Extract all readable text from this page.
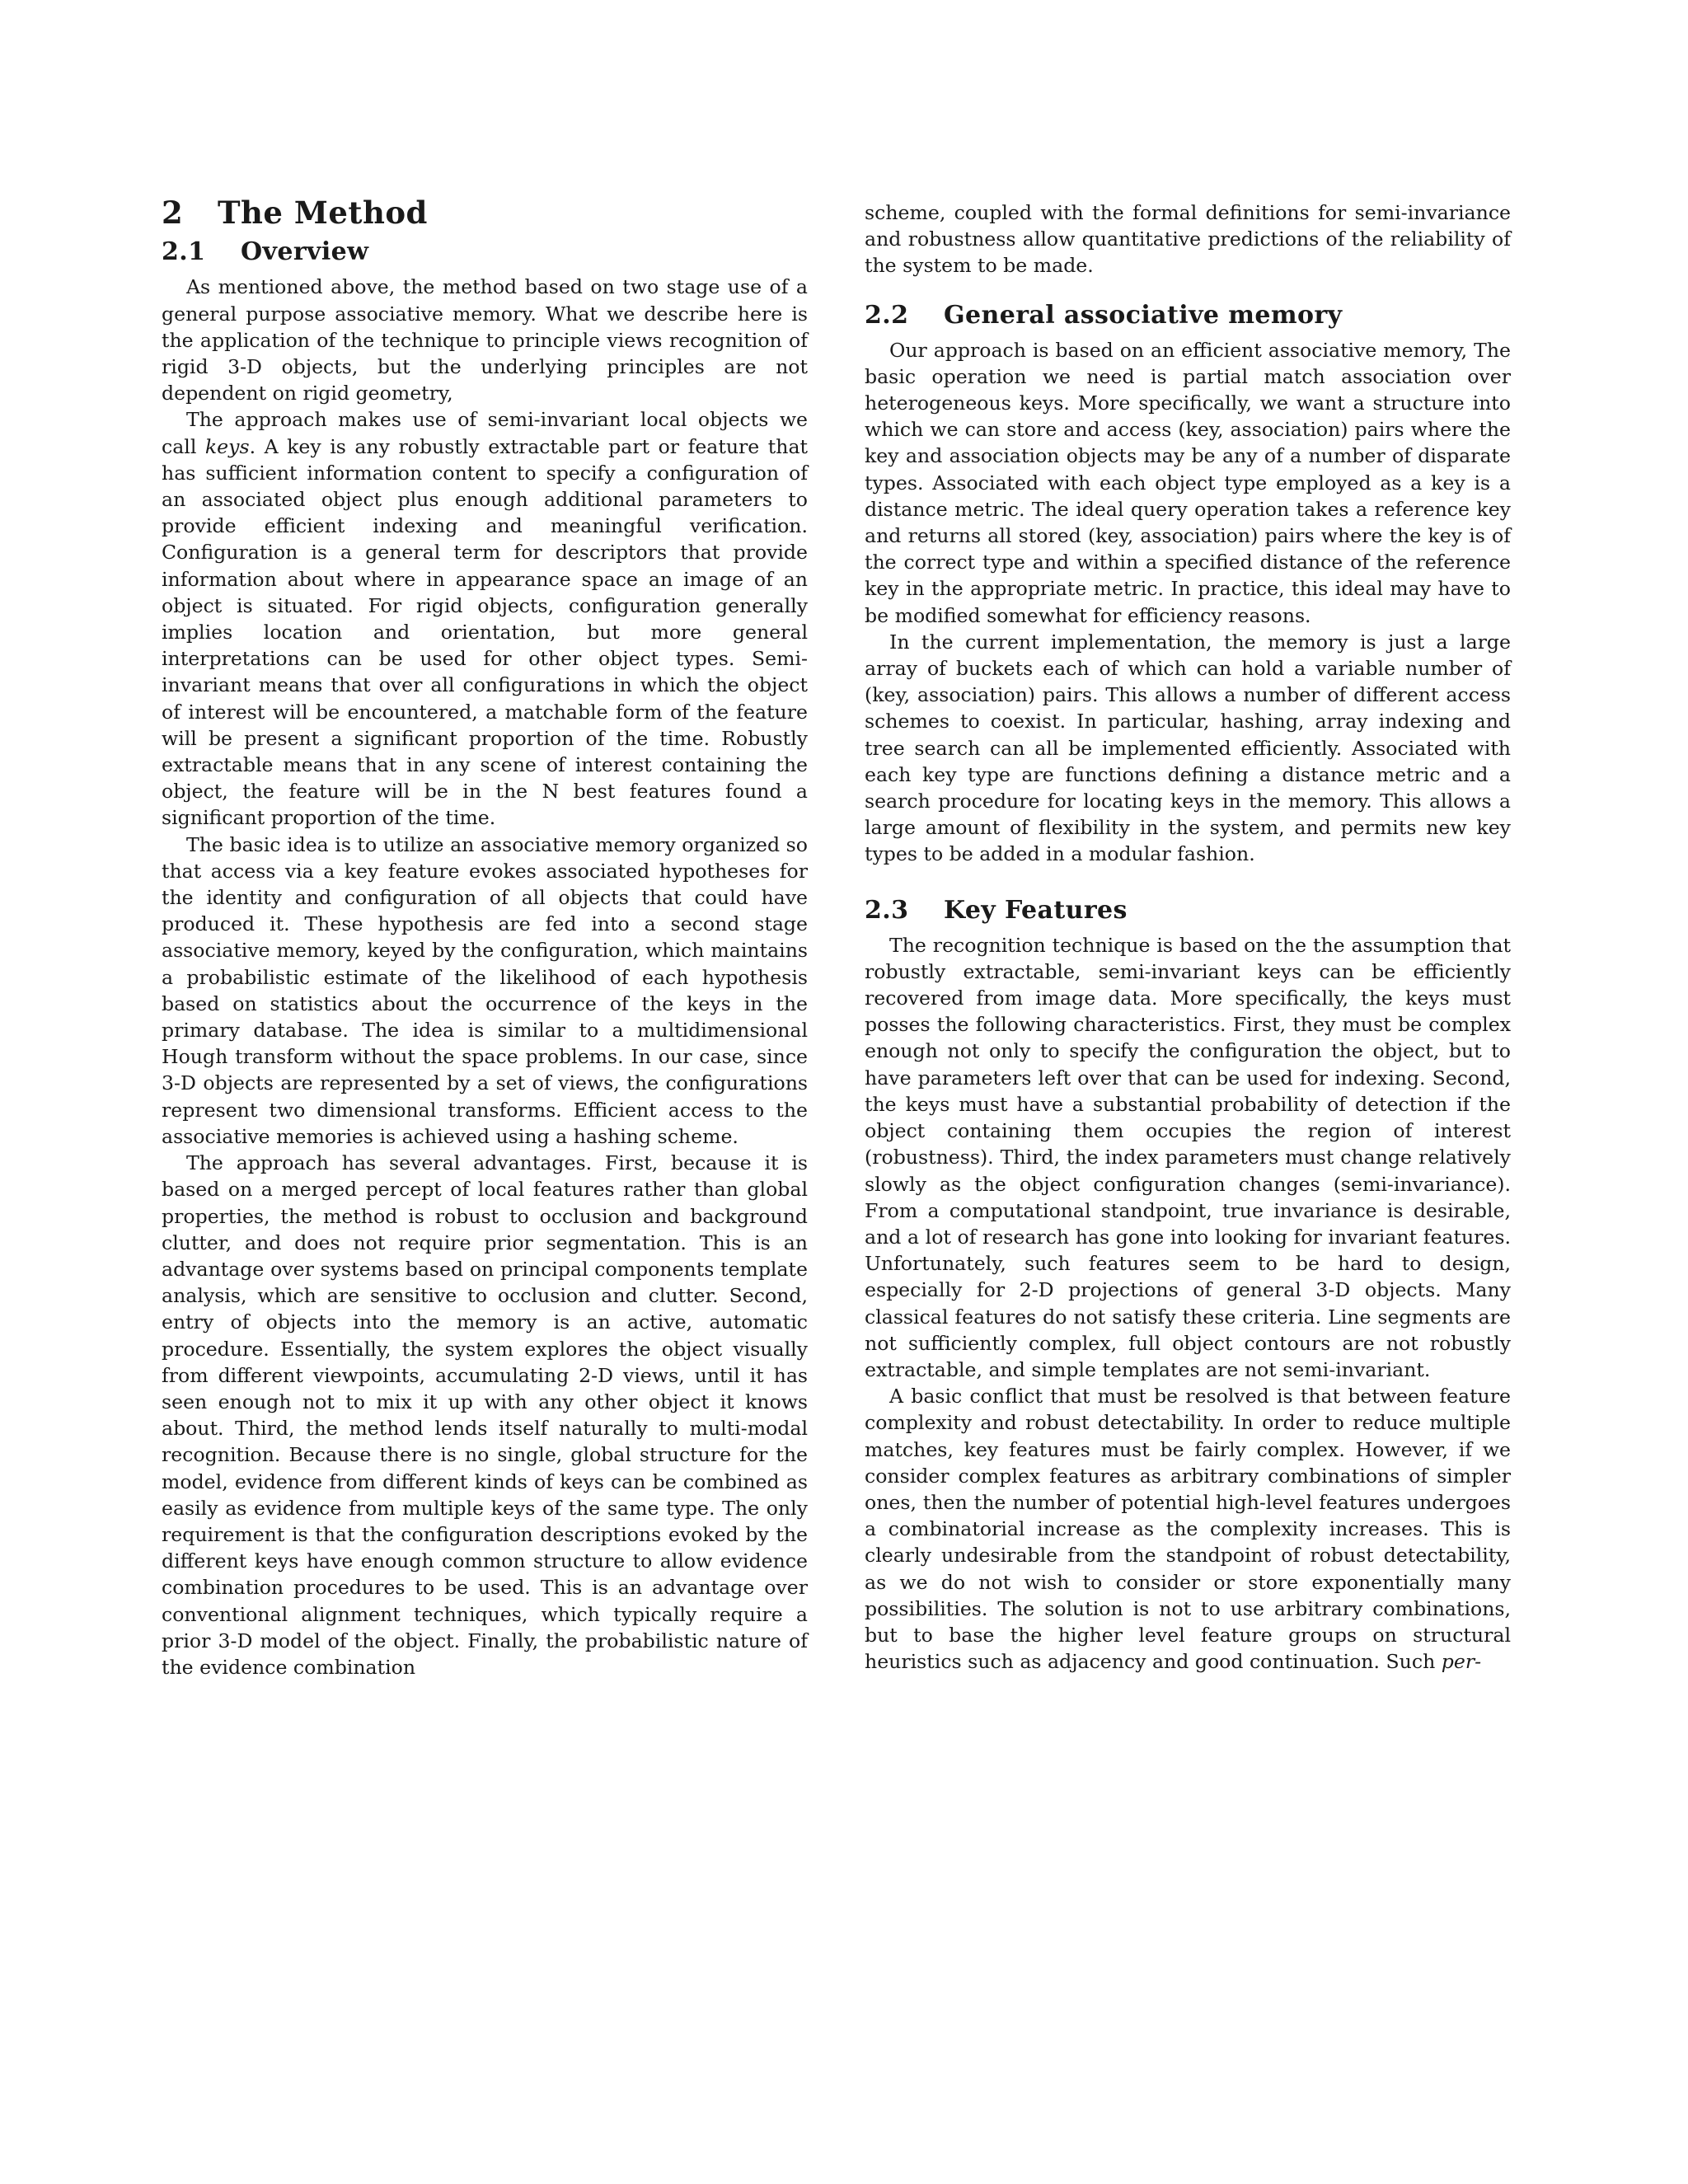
2 The Method
2.1 Overview

As mentioned above, the method based on two stage use of a general purpose associative memory. What we describe here is the application of the technique to principle views recognition of rigid 3-D objects, but the underlying principles are not dependent on rigid geometry,

The approach makes use of semi-invariant local objects we call keys. A key is any robustly extractable part or feature that has sufficient information content to specify a configuration of an associated object plus enough additional parameters to provide efficient indexing and meaningful verification. Configuration is a general term for descriptors that provide information about where in appearance space an image of an object is situated. For rigid objects, configuration generally implies location and orientation, but more general interpretations can be used for other object types. Semi-invariant means that over all configurations in which the object of interest will be encountered, a matchable form of the feature will be present a significant proportion of the time. Robustly extractable means that in any scene of interest containing the object, the feature will be in the N best features found a significant proportion of the time.

The basic idea is to utilize an associative memory organized so that access via a key feature evokes associated hypotheses for the identity and configuration of all objects that could have produced it. These hypothesis are fed into a second stage associative memory, keyed by the configuration, which maintains a probabilistic estimate of the likelihood of each hypothesis based on statistics about the occurrence of the keys in the primary database. The idea is similar to a multidimensional Hough transform without the space problems. In our case, since 3-D objects are represented by a set of views, the configurations represent two dimensional transforms. Efficient access to the associative memories is achieved using a hashing scheme.

The approach has several advantages. First, because it is based on a merged percept of local features rather than global properties, the method is robust to occlusion and background clutter, and does not require prior segmentation. This is an advantage over systems based on principal components template analysis, which are sensitive to occlusion and clutter. Second, entry of objects into the memory is an active, automatic procedure. Essentially, the system explores the object visually from different viewpoints, accumulating 2-D views, until it has seen enough not to mix it up with any other object it knows about. Third, the method lends itself naturally to multi-modal recognition. Because there is no single, global structure for the model, evidence from different kinds of keys can be combined as easily as evidence from multiple keys of the same type. The only requirement is that the configuration descriptions evoked by the different keys have enough common structure to allow evidence combination procedures to be used. This is an advantage over conventional alignment techniques, which typically require a prior 3-D model of the object. Finally, the probabilistic nature of the evidence combination

scheme, coupled with the formal definitions for semi-invariance and robustness allow quantitative predictions of the reliability of the system to be made.

2.2 General associative memory

Our approach is based on an efficient associative memory, The basic operation we need is partial match association over heterogeneous keys. More specifically, we want a structure into which we can store and access (key, association) pairs where the key and association objects may be any of a number of disparate types. Associated with each object type employed as a key is a distance metric. The ideal query operation takes a reference key and returns all stored (key, association) pairs where the key is of the correct type and within a specified distance of the reference key in the appropriate metric. In practice, this ideal may have to be modified somewhat for efficiency reasons.

In the current implementation, the memory is just a large array of buckets each of which can hold a variable number of (key, association) pairs. This allows a number of different access schemes to coexist. In particular, hashing, array indexing and tree search can all be implemented efficiently. Associated with each key type are functions defining a distance metric and a search procedure for locating keys in the memory. This allows a large amount of flexibility in the system, and permits new key types to be added in a modular fashion.

2.3 Key Features

The recognition technique is based on the the assumption that robustly extractable, semi-invariant keys can be efficiently recovered from image data. More specifically, the keys must posses the following characteristics. First, they must be complex enough not only to specify the configuration the object, but to have parameters left over that can be used for indexing. Second, the keys must have a substantial probability of detection if the object containing them occupies the region of interest (robustness). Third, the index parameters must change relatively slowly as the object configuration changes (semi-invariance). From a computational standpoint, true invariance is desirable, and a lot of research has gone into looking for invariant features. Unfortunately, such features seem to be hard to design, especially for 2-D projections of general 3-D objects. Many classical features do not satisfy these criteria. Line segments are not sufficiently complex, full object contours are not robustly extractable, and simple templates are not semi-invariant.

A basic conflict that must be resolved is that between feature complexity and robust detectability. In order to reduce multiple matches, key features must be fairly complex. However, if we consider complex features as arbitrary combinations of simpler ones, then the number of potential high-level features undergoes a combinatorial increase as the complexity increases. This is clearly undesirable from the standpoint of robust detectability, as we do not wish to consider or store exponentially many possibilities. The solution is not to use arbitrary combinations, but to base the higher level feature groups on structural heuristics such as adjacency and good continuation. Such per-
